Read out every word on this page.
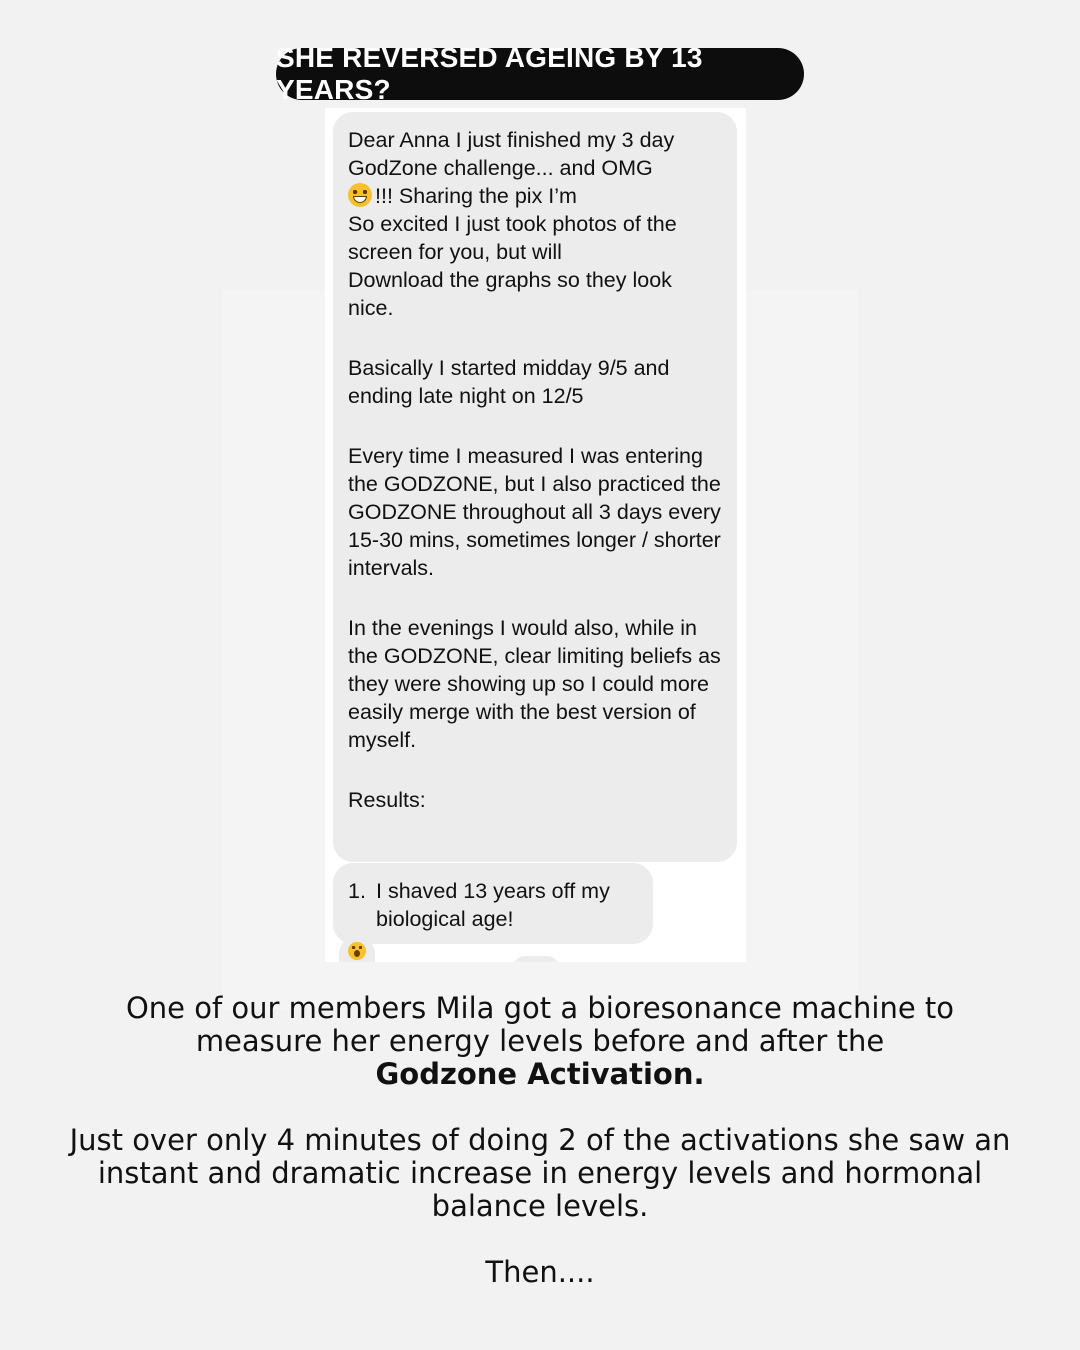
SHE REVERSED AGEING BY 13 YEARS?

Dear Anna I just finished my 3 day GodZone challenge... and OMG
!!! Sharing the pix I’m
So excited I just took photos of the screen for you, but will
Download the graphs so they look nice.

Basically I started midday 9/5 and ending late night on 12/5

Every time I measured I was entering the GODZONE, but I also practiced the GODZONE throughout all 3 days every 15-30 mins, sometimes longer / shorter intervals.

In the evenings I would also, while in the GODZONE, clear limiting beliefs as they were showing up so I could more easily merge with the best version of myself.

Results:

1. I shaved 13 years off my biological age!

One of our members Mila got a bioresonance machine to measure her energy levels before and after the
Godzone Activation.

Just over only 4 minutes of doing 2 of the activations she saw an instant and dramatic increase in energy levels and hormonal balance levels.

Then....
